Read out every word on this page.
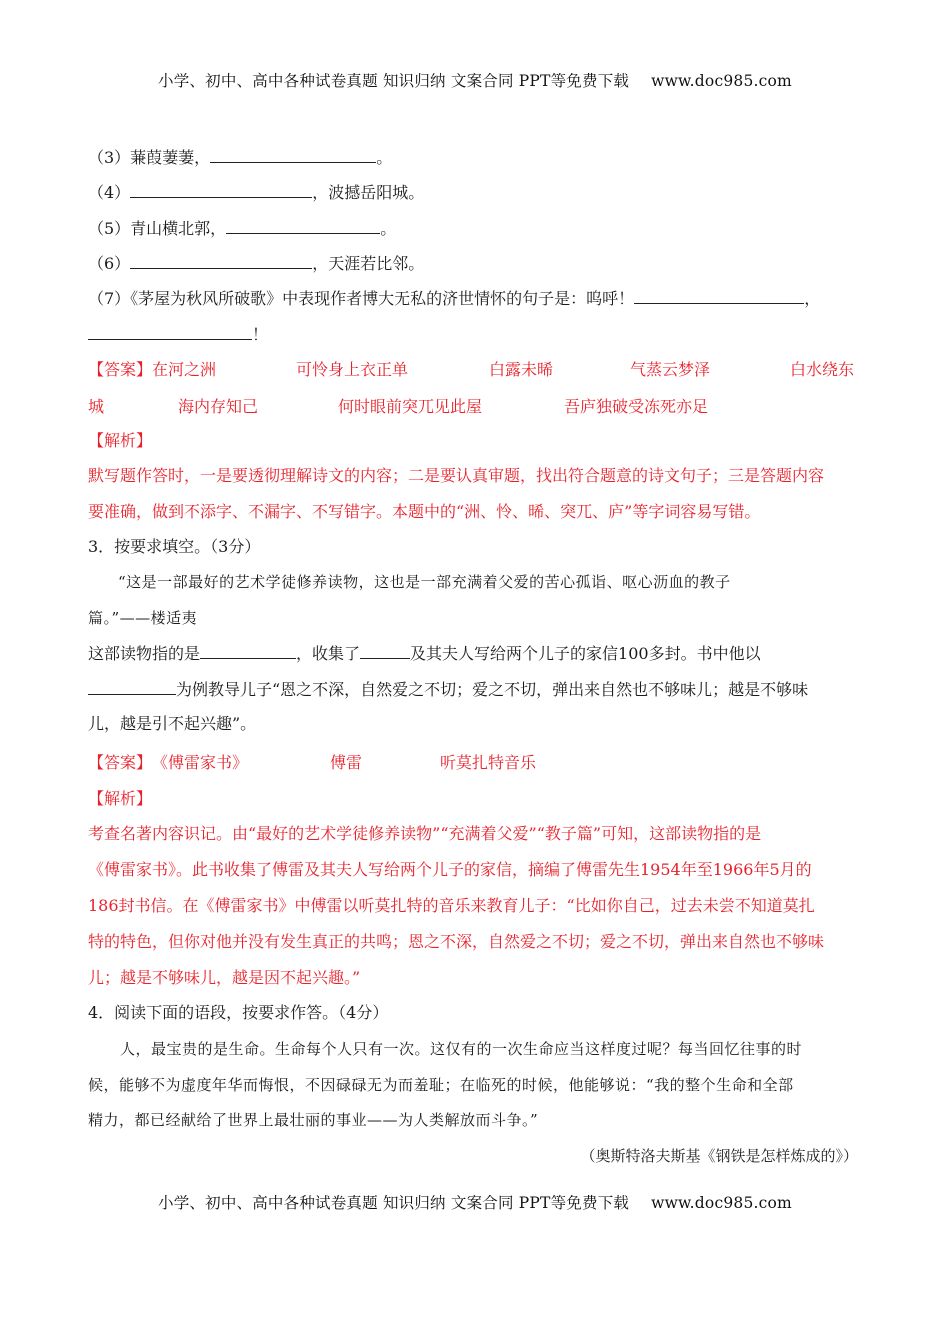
小学、初中、高中各种试卷真题 知识归纳 文案合同 PPT等免费下载 www.doc985.com
（3）蒹葭萋萋，	。
（4）	，波撼岳阳城。
（5）青山横北郭，	。
（6）	，天涯若比邻。
（7）《茅屋为秋风所破歌》中表现作者博大无私的济世情怀的句子是：呜呼！	，
！
【答案】 在河之洲	可怜身上衣正单	白露未晞	气蒸云梦泽	白水绕东
城	海内存知己	何时眼前突兀见此屋	吾庐独破受冻死亦足
【解析】
默写题作答时，一是要透彻理解诗文的内容；二是要认真审题，找出符合题意的诗文句子；三是答题内容
要准确，做到不添字、不漏字、不写错字。本题中的“洲、怜、晞、突兀、庐”等字词容易写错。
3．按要求填空。（3分）
“这是一部最好的艺术学徒修养读物，这也是一部充满着父爱的苦心孤诣、呕心沥血的教子
篇。”——楼适夷
这部读物指的是	，收集了	及其夫人写给两个儿子的家信100多封。书中他以
为例教导儿子“恩之不深，自然爱之不切；爱之不切，弹出来自然也不够味儿；越是不够味
儿，越是引不起兴趣”。
【答案】 《傅雷家书》	傅雷	听莫扎特音乐
【解析】
考查名著内容识记。由“最好的艺术学徒修养读物”“充满着父爱”“教子篇”可知，这部读物指的是
《傅雷家书》。此书收集了傅雷及其夫人写给两个儿子的家信，摘编了傅雷先生1954年至1966年5月的
186封书信。在《傅雷家书》中傅雷以听莫扎特的音乐来教育儿子：“比如你自己，过去未尝不知道莫扎
特的特色，但你对他并没有发生真正的共鸣；恩之不深，自然爱之不切；爱之不切，弹出来自然也不够味
儿；越是不够味儿，越是因不起兴趣。”
4．阅读下面的语段，按要求作答。（4分）
人，最宝贵的是生命。生命每个人只有一次。这仅有的一次生命应当这样度过呢？每当回忆往事的时
候，能够不为虚度年华而悔恨，不因碌碌无为而羞耻；在临死的时候，他能够说：“我的整个生命和全部
精力，都已经献给了世界上最壮丽的事业——为人类解放而斗争。”
（奥斯特洛夫斯基《钢铁是怎样炼成的》）
小学、初中、高中各种试卷真题 知识归纳 文案合同 PPT等免费下载 www.doc985.com
